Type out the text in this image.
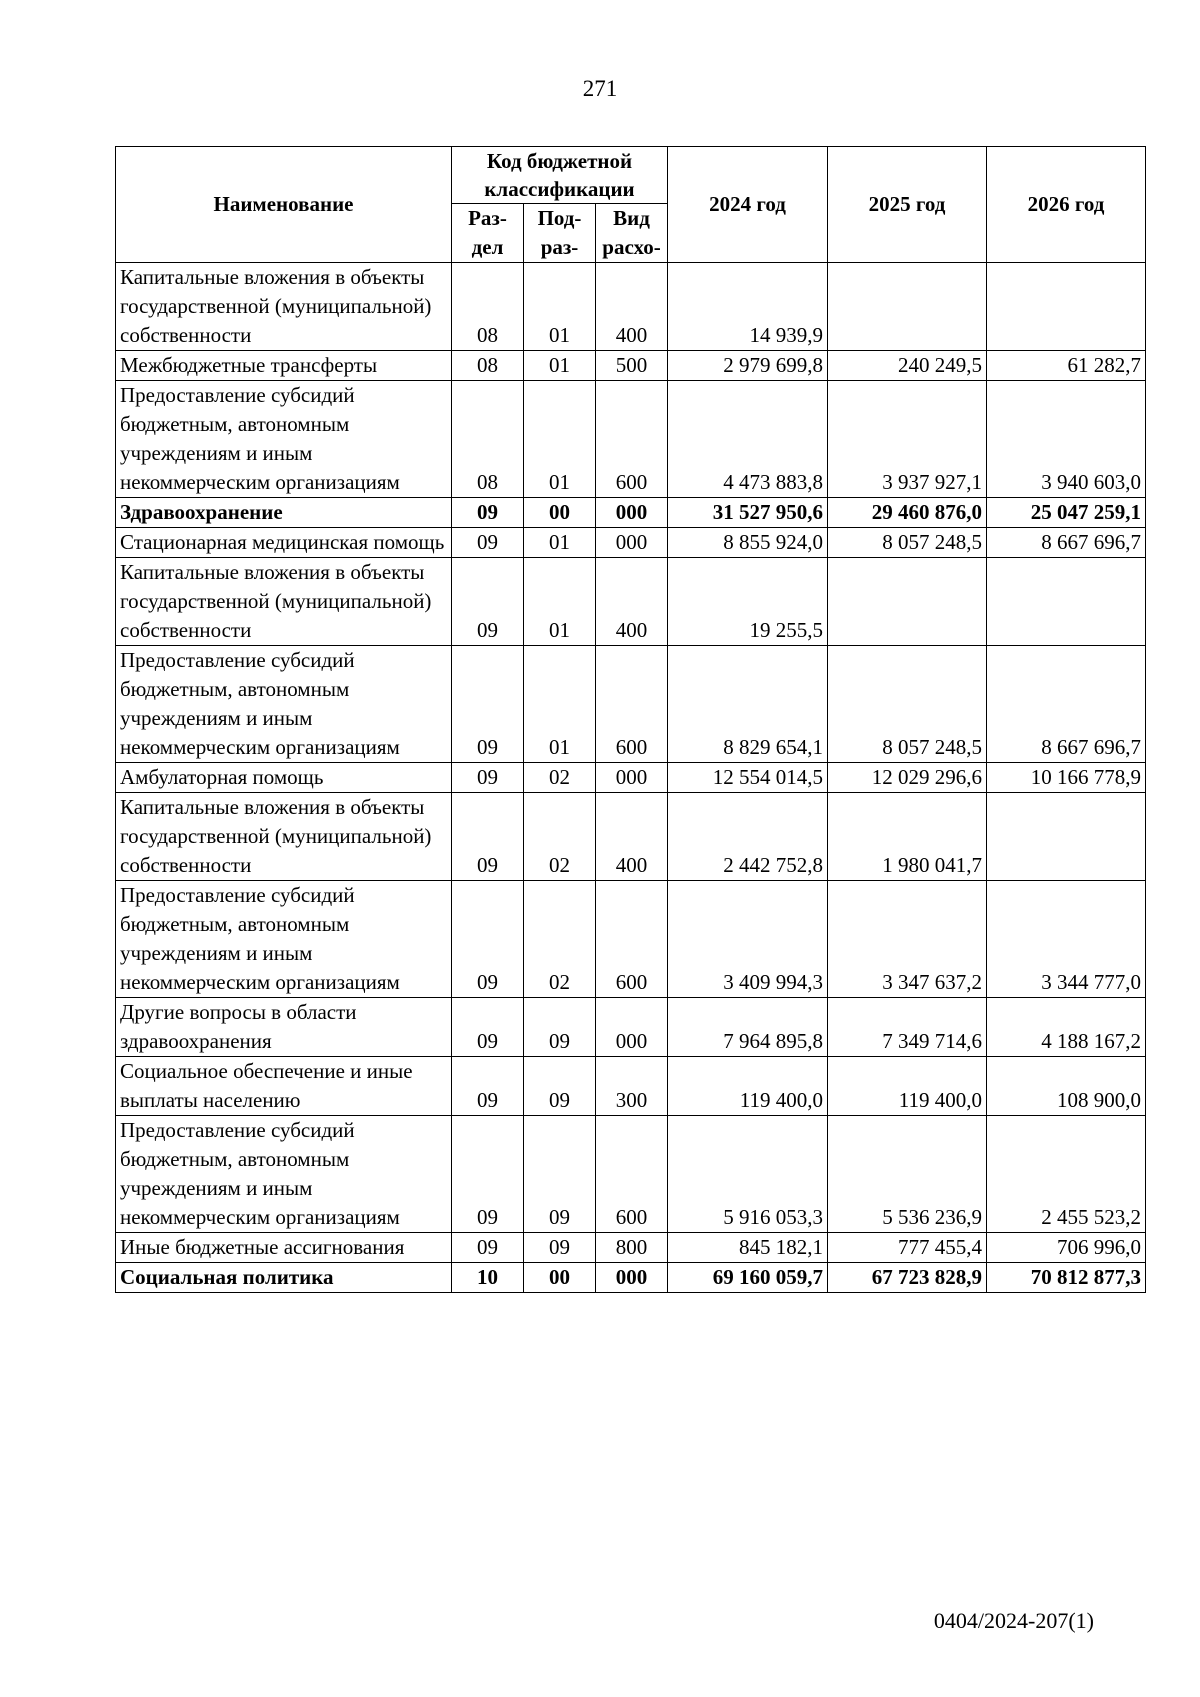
271
Наименование	Код бюджетной классификации			2024 год	2025 год	2026 год
	Раз- дел	Под- раз-	Вид расхо-			
Капитальные вложения в объекты государственной (муниципальной) собственности	08	01	400	14 939,9		
Межбюджетные трансферты	08	01	500	2 979 699,8	240 249,5	61 282,7
Предоставление субсидий бюджетным, автономным учреждениям и иным некоммерческим организациям	08	01	600	4 473 883,8	3 937 927,1	3 940 603,0
Здравоохранение	09	00	000	31 527 950,6	29 460 876,0	25 047 259,1
Стационарная медицинская помощь	09	01	000	8 855 924,0	8 057 248,5	8 667 696,7
Капитальные вложения в объекты государственной (муниципальной) собственности	09	01	400	19 255,5		
Предоставление субсидий бюджетным, автономным учреждениям и иным некоммерческим организациям	09	01	600	8 829 654,1	8 057 248,5	8 667 696,7
Амбулаторная помощь	09	02	000	12 554 014,5	12 029 296,6	10 166 778,9
Капитальные вложения в объекты государственной (муниципальной) собственности	09	02	400	2 442 752,8	1 980 041,7	
Предоставление субсидий бюджетным, автономным учреждениям и иным некоммерческим организациям	09	02	600	3 409 994,3	3 347 637,2	3 344 777,0
Другие вопросы в области здравоохранения	09	09	000	7 964 895,8	7 349 714,6	4 188 167,2
Социальное обеспечение и иные выплаты населению	09	09	300	119 400,0	119 400,0	108 900,0
Предоставление субсидий бюджетным, автономным учреждениям и иным некоммерческим организациям	09	09	600	5 916 053,3	5 536 236,9	2 455 523,2
Иные бюджетные ассигнования	09	09	800	845 182,1	777 455,4	706 996,0
Социальная политика	10	00	000	69 160 059,7	67 723 828,9	70 812 877,3
0404/2024-207(1)
